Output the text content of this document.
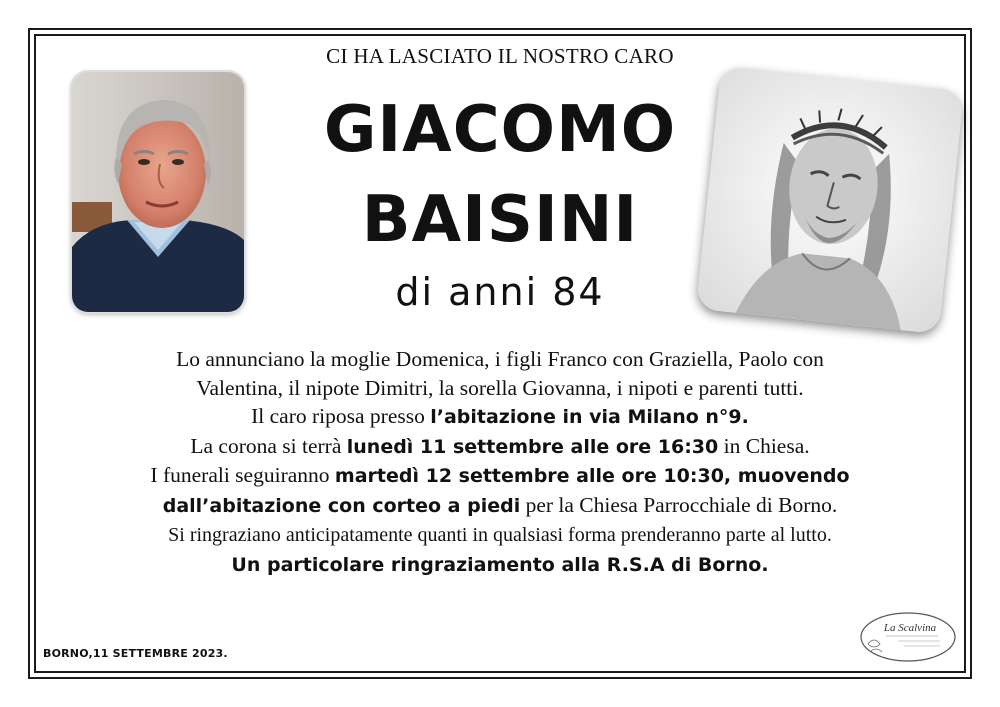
CI HA LASCIATO IL NOSTRO CARO
GIACOMO
BAISINI
di anni 84

Lo annunciano la moglie Domenica, i figli Franco con Graziella, Paolo con

Valentina, il nipote Dimitri, la sorella Giovanna, i nipoti e parenti tutti.

Il caro riposa presso l’abitazione in via Milano n°9.

La corona si terrà lunedì 11 settembre alle ore 16:30 in Chiesa.

I funerali seguiranno martedì 12 settembre alle ore 10:30, muovendo

dall’abitazione con corteo a piedi per la Chiesa Parrocchiale di Borno.

Si ringraziano anticipatamente quanti in qualsiasi forma prenderanno parte al lutto.

Un particolare ringraziamento alla R.S.A di Borno.

BORNO,11 SETTEMBRE 2023.
La Scalvina
